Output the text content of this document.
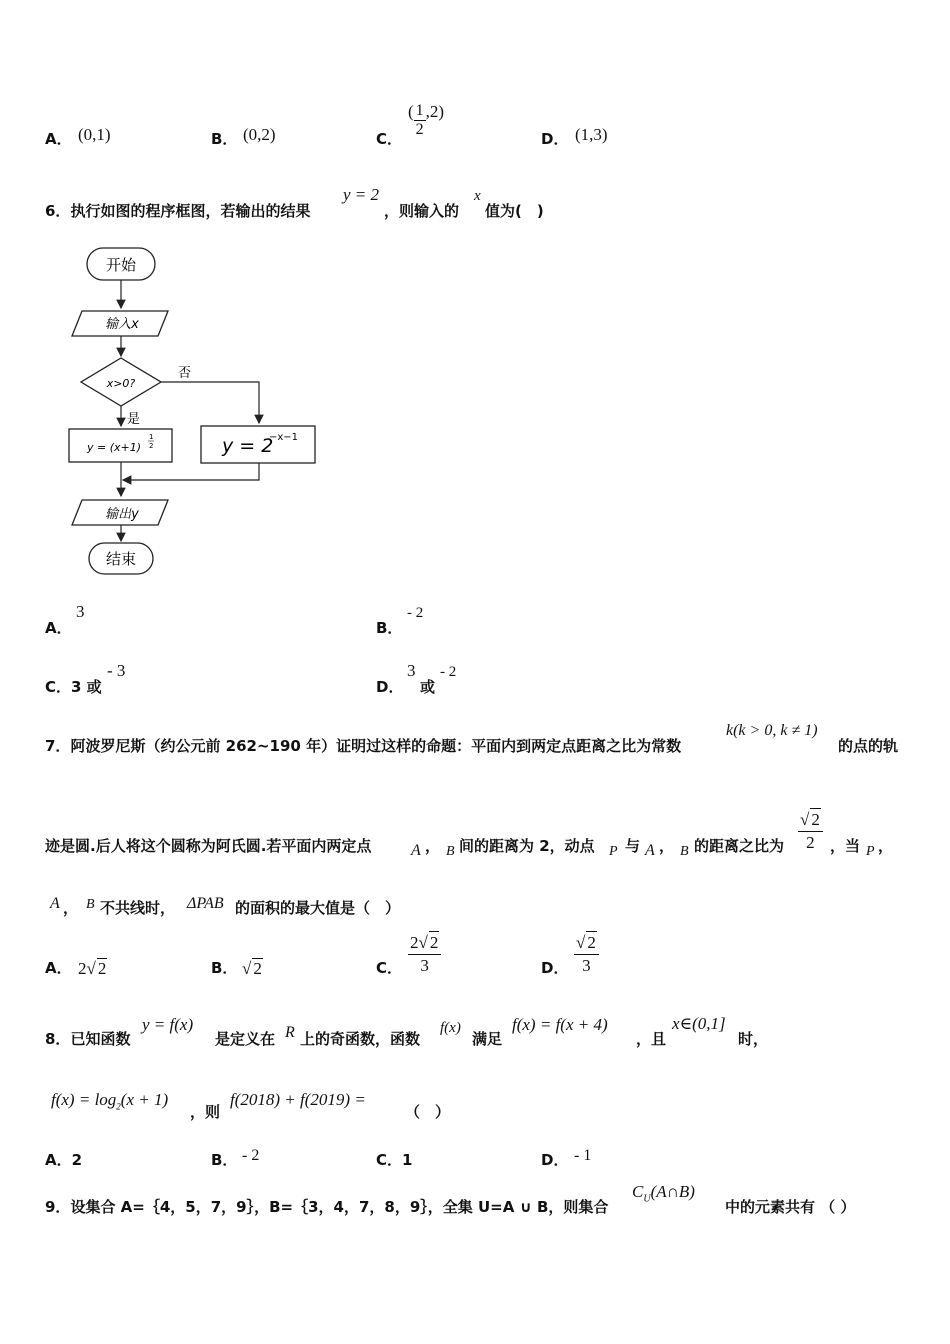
A． (0,1)	B． (0,2)	C．
( $\frac{1}{2} ,2$)
D． (1,3)
6．执行如图的程序框图，若输出的结果
y = 2
，则输入的
x
值为(　)
开始
输入x
x>0?
否
是
y = (x+1)
1
2	y = 2
−x−1
输出y
结束
A．
3
B．
- 2
C．3 或
- 3
D．
3
或
- 2
7．阿波罗尼斯（约公元前 262~190 年）证明过这样的命题：平面内到两定点距离之比为常数
k(k > 0, k ≠ 1)
的点的轨
迹是圆.后人将这个圆称为阿氏圆.若平面内两定点 A ， B 间的距离为 2，动点 P 与 A ， B 的距离之比为 $\frac{√ 2}{2}$ ，当 P ，
A ， B 不共线时， ΔPAB 的面积的最大值是（　）
A． 2√ 2	B． √ 2	C． $\frac{2√ 2}{3}$	D． $\frac{√ 2}{3}$
8．已知函数
y = f(x)
是定义在 R 上的奇函数，函数
f(x)
满足
f(x) = f(x + 4)
，且
x∈(0,1]
时，
$f(x) = \log_2(x + 1)$
，则
f(2018) + f(2019) =
（　）
A．2	B． - 2	C．1	D． - 1
9．设集合 A=｛4，5，7，9｝，B=｛3，4，7，8，9｝，全集 U=A ∪ B，则集合
$C_U(A\cap B)$
中的元素共有 （ ）
